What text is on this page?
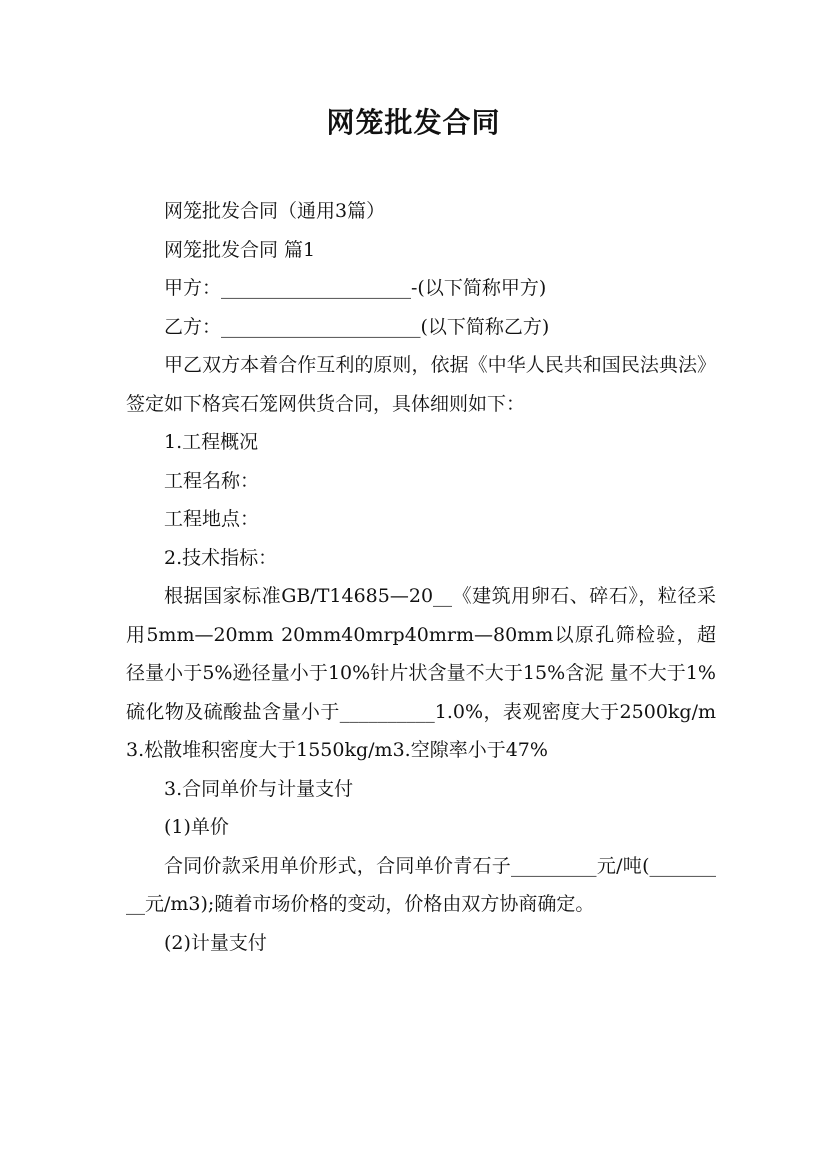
网笼批发合同

网笼批发合同（通用3篇）

网笼批发合同 篇1

甲方：____________________-(以下简称甲方)

乙方：_____________________(以下简称乙方)

甲乙双方本着合作互利的原则，依据《中华人民共和国民法典法》签定如下格宾石笼网供货合同，具体细则如下：

1.工程概况

工程名称：

工程地点：

2.技术指标：

根据国家标准GB/T14685—20__《建筑用卵石、碎石》，粒径采用5mm—20mm 20mm40mrp40mrm—80mm以原孔筛检验，超径量小于5%逊径量小于10%针片状含量不大于15%含泥 量不大于1%硫化物及硫酸盐含量小于__________1.0%，表观密度大于2500kg/m3.松散堆积密度大于1550kg/m3.空隙率小于47%

3.合同单价与计量支付

(1)单价

合同价款采用单价形式，合同单价青石子_________元/吨(_________元/m3);随着市场价格的变动，价格由双方协商确定。

(2)计量支付
